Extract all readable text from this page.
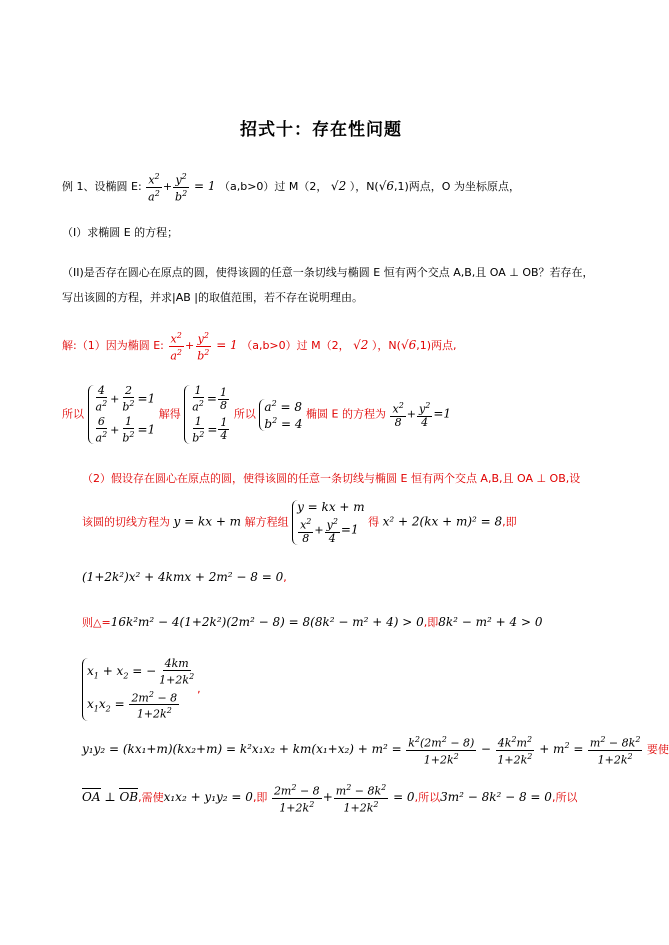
招式十：存在性问题
例 1、设椭圆 E: $\frac{x^2}{a^2} + \frac{y^2}{b^2} = 1$ （a,b>0）过 M（2， √2 ），N(√6,1)两点，O 为坐标原点，
（I）求椭圆 E 的方程；
（II)是否存在圆心在原点的圆，使得该圆的任意一条切线与椭圆 E 恒有两个交点 A,B,且 OA ⊥ OB？若存在，
写出该圆的方程，并求|AB |的取值范围，若不存在说明理由。
解:（1）因为椭圆 E: $\frac{x^2}{a^2} + \frac{y^2}{b^2} = 1$ （a,b>0）过 M（2， √2 ），N(√6,1)两点,
所以
$\frac{4}{a^2} + \frac{2}{b^2} =1$
$\frac{6}{a^2} + \frac{1}{b^2} =1$
解得
$\frac{1}{a^2} = \frac{1}{8}$
$\frac{1}{b^2} = \frac{1}{4}$
所以
$a^2 = 8$
$b^2 = 4$
椭圆 E 的方程为 $\frac{x^2}{8} + \frac{y^2}{4} =1$
（2）假设存在圆心在原点的圆，使得该圆的任意一条切线与椭圆 E 恒有两个交点 A,B,且 OA ⊥ OB,设
该圆的切线方程为 y = kx + m 解方程组
y = kx + m
$\frac{x^2}{8} + \frac{y^2}{4} =1$
得 x² + 2(kx + m)² = 8,即
(1+2k²)x² + 4kmx + 2m² − 8 = 0,
则△=16k²m² − 4(1+2k²)(2m² − 8) = 8(8k² − m² + 4) > 0,即8k² − m² + 4 > 0
$x_1 + x_2$ = − $\frac{4km}{1+2k^2}$
$x_1x_2 = \frac{2m^2 - 8}{1+2k^2}$ ,
$y_1y_2 = (kx_1+m)(kx_2+m) = k^2x_1x_2 + km(x_1+x_2) + m^2 = \frac{k^2(2m^2 - 8)}{1+2k^2} - \frac{4k^2m^2}{1+2k^2} + m^2 = \frac{m^2 - 8k^2}{1+2k^2}$ 要使
OA ⊥ OB,需使x₁x₂ + y₁y₂ = 0,即 $\frac{2m^2 - 8}{1+2k^2} + \frac{m^2 - 8k^2}{1+2k^2} = 0$,所以3m² − 8k² − 8 = 0,所以
